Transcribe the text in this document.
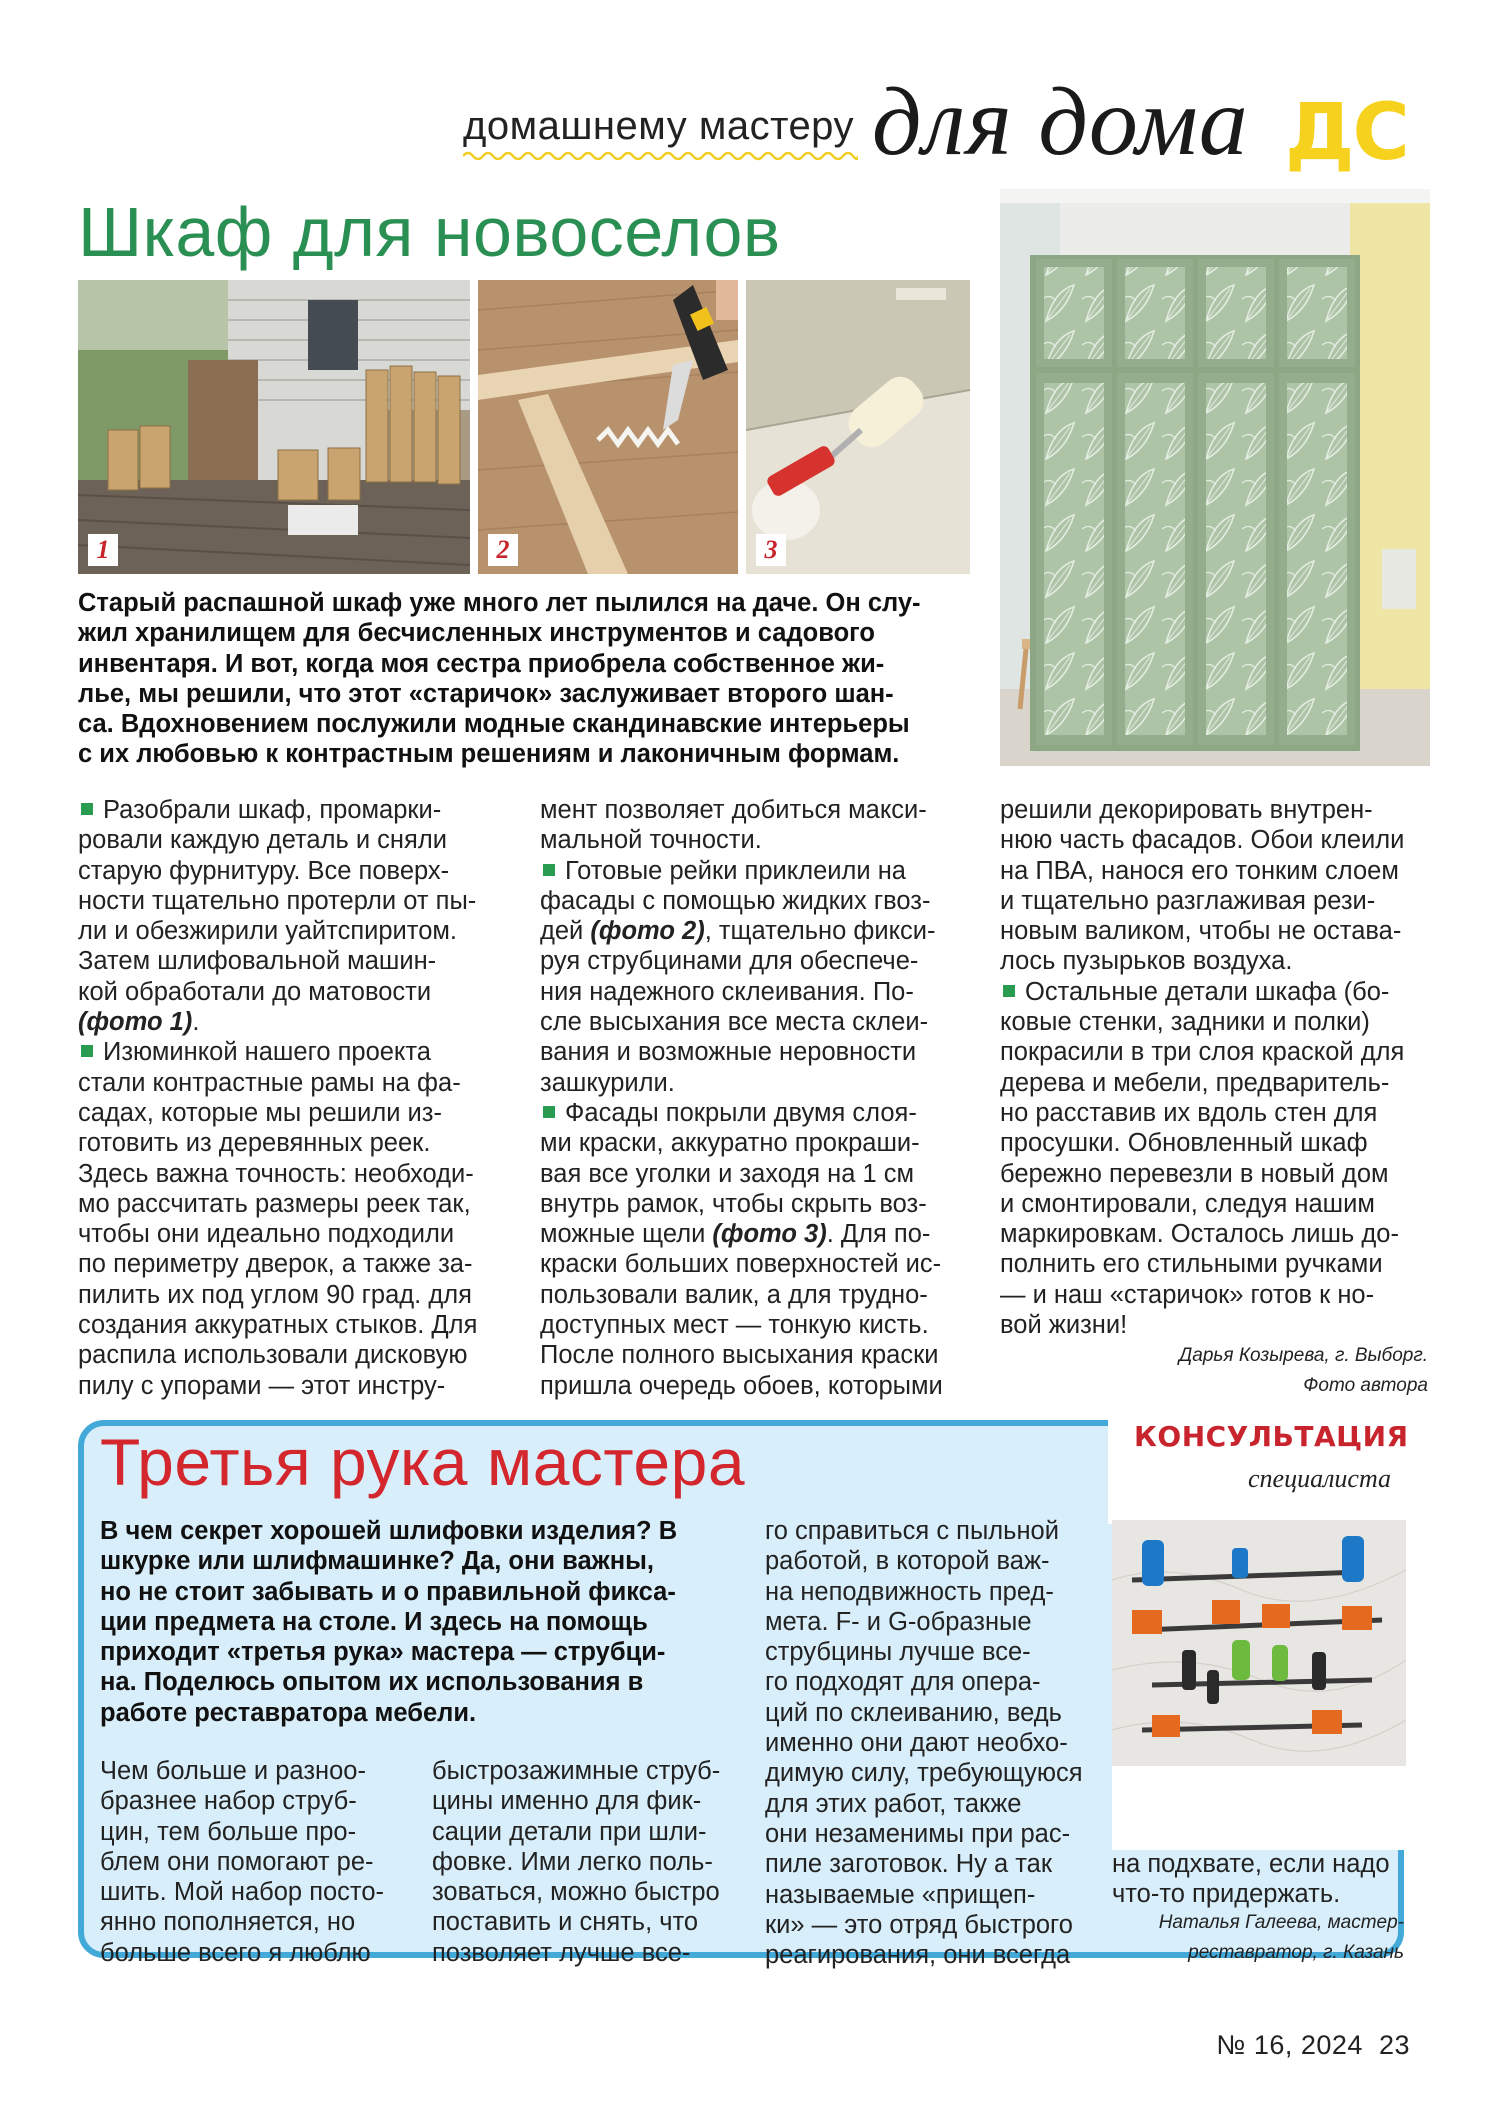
домашнему мастеру для дома ДС
Шкаф для новоселов
1	2	3

Старый распашной шкаф уже много лет пылился на даче. Он слу-

жил хранилищем для бесчисленных инструментов и садового

инвентаря. И вот, когда моя сестра приобрела собственное жи-

лье, мы решили, что этот «старичок» заслуживает второго шан-

са. Вдохновением послужили модные скандинавские интерьеры

с их любовью к контрастным решениям и лаконичным формам.

Разобрали шкаф, промарки-

ровали каждую деталь и сняли

старую фурнитуру. Все поверх-

ности тщательно протерли от пы-

ли и обезжирили уайтспиритом.

Затем шлифовальной машин-

кой обработали до матовости

(фото 1).

Изюминкой нашего проекта

стали контрастные рамы на фа-

садах, которые мы решили из-

готовить из деревянных реек.

Здесь важна точность: необходи-

мо рассчитать размеры реек так,

чтобы они идеально подходили

по периметру дверок, а также за-

пилить их под углом 90 град. для

создания аккуратных стыков. Для

распила использовали дисковую

пилу с упорами — этот инстру-

мент позволяет добиться макси-

мальной точности.

Готовые рейки приклеили на

фасады с помощью жидких гвоз-

дей (фото 2), тщательно фикси-

руя струбцинами для обеспече-

ния надежного склеивания. По-

сле высыхания все места склеи-

вания и возможные неровности

зашкурили.

Фасады покрыли двумя слоя-

ми краски, аккуратно прокраши-

вая все уголки и заходя на 1 см

внутрь рамок, чтобы скрыть воз-

можные щели (фото 3). Для по-

краски больших поверхностей ис-

пользовали валик, а для трудно-

доступных мест — тонкую кисть.

После полного высыхания краски

пришла очередь обоев, которыми

решили декорировать внутрен-

нюю часть фасадов. Обои клеили

на ПВА, нанося его тонким слоем

и тщательно разглаживая рези-

новым валиком, чтобы не остава-

лось пузырьков воздуха.

Остальные детали шкафа (бо-

ковые стенки, задники и полки)

покрасили в три слоя краской для

дерева и мебели, предваритель-

но расставив их вдоль стен для

просушки. Обновленный шкаф

бережно перевезли в новый дом

и смонтировали, следуя нашим

маркировкам. Осталось лишь до-

полнить его стильными ручками

— и наш «старичок» готов к но-

вой жизни!

Дарья Козырева, г. Выборг.
Фото автора
Третья рука мастера	КОНСУЛЬТАЦИЯ
специалиста

В чем секрет хорошей шлифовки изделия? В

шкурке или шлифмашинке? Да, они важны,

но не стоит забывать и о правильной фикса-

ции предмета на столе. И здесь на помощь

приходит «третья рука» мастера — струбци-

на. Поделюсь опытом их использования в

работе реставратора мебели.

Чем больше и разноо-

бразнее набор струб-

цин, тем больше про-

блем они помогают ре-

шить. Мой набор посто-

янно пополняется, но

больше всего я люблю

быстрозажимные струб-

цины именно для фик-

сации детали при шли-

фовке. Ими легко поль-

зоваться, можно быстро

поставить и снять, что

позволяет лучше все-

го справиться с пыльной

работой, в которой важ-

на неподвижность пред-

мета. F- и G-образные

струбцины лучше все-

го подходят для опера-

ций по склеиванию, ведь

именно они дают необхо-

димую силу, требующуюся

для этих работ, также

они незаменимы при рас-

пиле заготовок. Ну а так

называемые «прищеп-

ки» — это отряд быстрого

реагирования, они всегда

на подхвате, если надо

что-то придержать.

Наталья Галеева, мастер-
реставратор, г. Казань
№ 16, 2024 23
